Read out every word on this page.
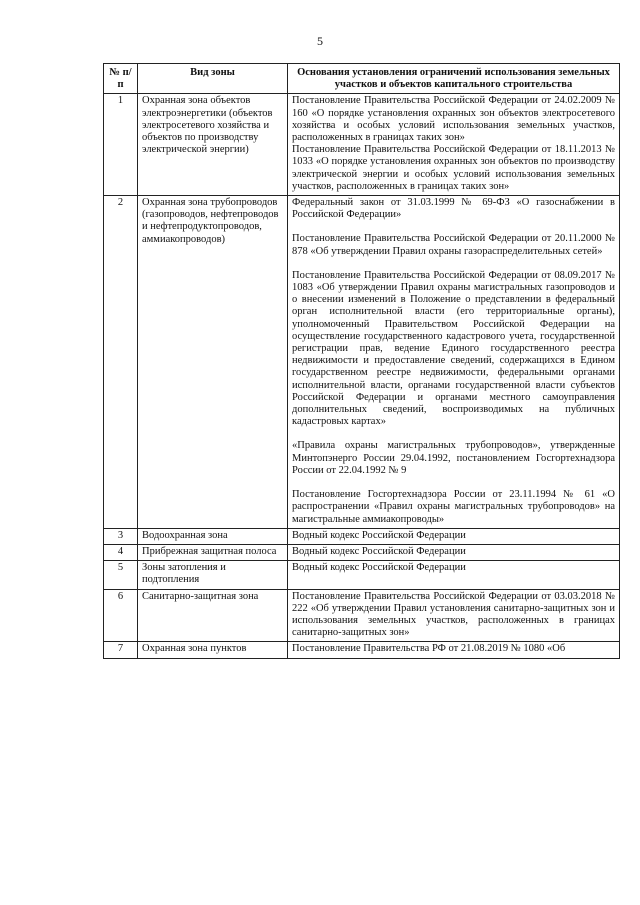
5
№ п/п	Вид зоны	Основания установления ограничений использования земельных участков и объектов капитального строительства
1	Охранная зона объектов электроэнергетики (объектов электросетевого хозяйства и объектов по производству электрической энергии)	Постановление Правительства Российской Федерации от 24.02.2009 № 160 «О порядке установления охранных зон объектов электросетевого хозяйства и особых условий использования земельных участков, расположенных в границах таких зон»

Постановление Правительства Российской Федерации от 18.11.2013 № 1033 «О порядке установления охранных зон объектов по производству электрической энергии и особых условий использования земельных участков, расположенных в границах таких зон»

2	Охранная зона трубопроводов (газопроводов, нефтепроводов и нефтепродуктопроводов, аммиакопроводов)	Федеральный закон от 31.03.1999 № 69-ФЗ «О газоснабжении в Российской Федерации»

Постановление Правительства Российской Федерации от 20.11.2000 № 878 «Об утверждении Правил охраны газораспределительных сетей»

Постановление Правительства Российской Федерации от 08.09.2017 № 1083 «Об утверждении Правил охраны магистральных газопроводов и о внесении изменений в Положение о представлении в федеральный орган исполнительной власти (его территориальные органы), уполномоченный Правительством Российской Федерации на осуществление государственного кадастрового учета, государственной регистрации прав, ведение Единого государственного реестра недвижимости и предоставление сведений, содержащихся в Едином государственном реестре недвижимости, федеральными органами исполнительной власти, органами государственной власти субъектов Российской Федерации и органами местного самоуправления дополнительных сведений, воспроизводимых на публичных кадастровых картах»

«Правила охраны магистральных трубопроводов», утвержденные Минтопэнерго России 29.04.1992, постановлением Госгортехнадзора России от 22.04.1992 № 9

Постановление Госгортехнадзора России от 23.11.1994 № 61 «О распространении «Правил охраны магистральных трубопроводов» на магистральные аммиакопроводы»

3	Водоохранная зона	Водный кодекс Российской Федерации

4	Прибрежная защитная полоса	Водный кодекс Российской Федерации

5	Зоны затопления и подтопления	Водный кодекс Российской Федерации

6	Санитарно-защитная зона	Постановление Правительства Российской Федерации от 03.03.2018 № 222 «Об утверждении Правил установления санитарно-защитных зон и использования земельных участков, расположенных в границах санитарно-защитных зон»

7	Охранная зона пунктов	Постановление Правительства РФ от 21.08.2019 № 1080 «Об
